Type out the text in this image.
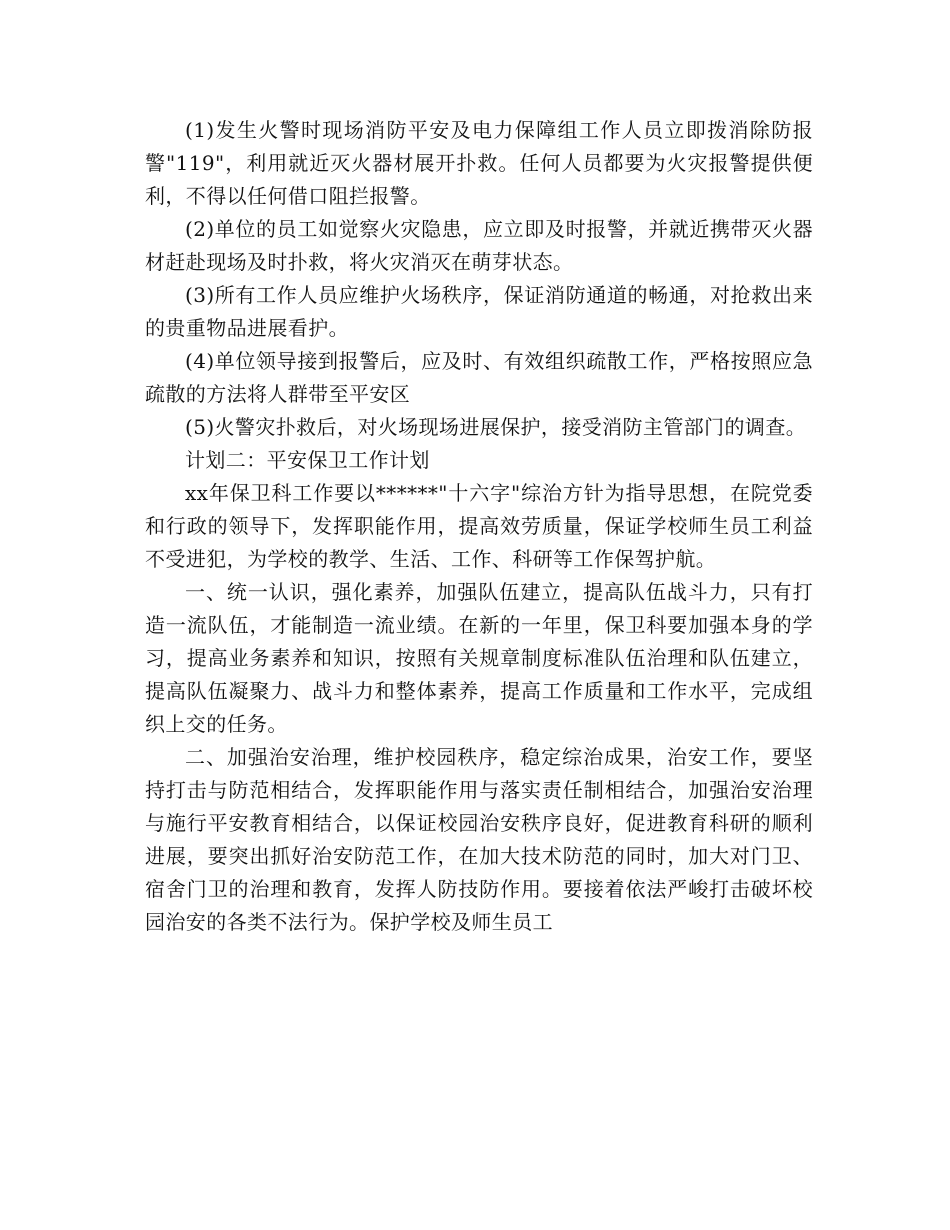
(1)发生火警时现场消防平安及电力保障组工作人员立即拨消除防报警"119"，利用就近灭火器材展开扑救。任何人员都要为火灾报警提供便利，不得以任何借口阻拦报警。

(2)单位的员工如觉察火灾隐患，应立即及时报警，并就近携带灭火器材赶赴现场及时扑救，将火灾消灭在萌芽状态。

(3)所有工作人员应维护火场秩序，保证消防通道的畅通，对抢救出来的贵重物品进展看护。

(4)单位领导接到报警后，应及时、有效组织疏散工作，严格按照应急疏散的方法将人群带至平安区

(5)火警灾扑救后，对火场现场进展保护，接受消防主管部门的调查。

计划二：平安保卫工作计划

xx年保卫科工作要以******"十六字"综治方针为指导思想，在院党委和行政的领导下，发挥职能作用，提高效劳质量，保证学校师生员工利益不受进犯，为学校的教学、生活、工作、科研等工作保驾护航。

一、统一认识，强化素养，加强队伍建立，提高队伍战斗力，只有打造一流队伍，才能制造一流业绩。在新的一年里，保卫科要加强本身的学习，提高业务素养和知识，按照有关规章制度标准队伍治理和队伍建立，提高队伍凝聚力、战斗力和整体素养，提高工作质量和工作水平，完成组织上交的任务。

二、加强治安治理，维护校园秩序，稳定综治成果，治安工作，要坚持打击与防范相结合，发挥职能作用与落实责任制相结合，加强治安治理与施行平安教育相结合，以保证校园治安秩序良好，促进教育科研的顺利进展，要突出抓好治安防范工作，在加大技术防范的同时，加大对门卫、宿舍门卫的治理和教育，发挥人防技防作用。要接着依法严峻打击破坏校园治安的各类不法行为。保护学校及师生员工
